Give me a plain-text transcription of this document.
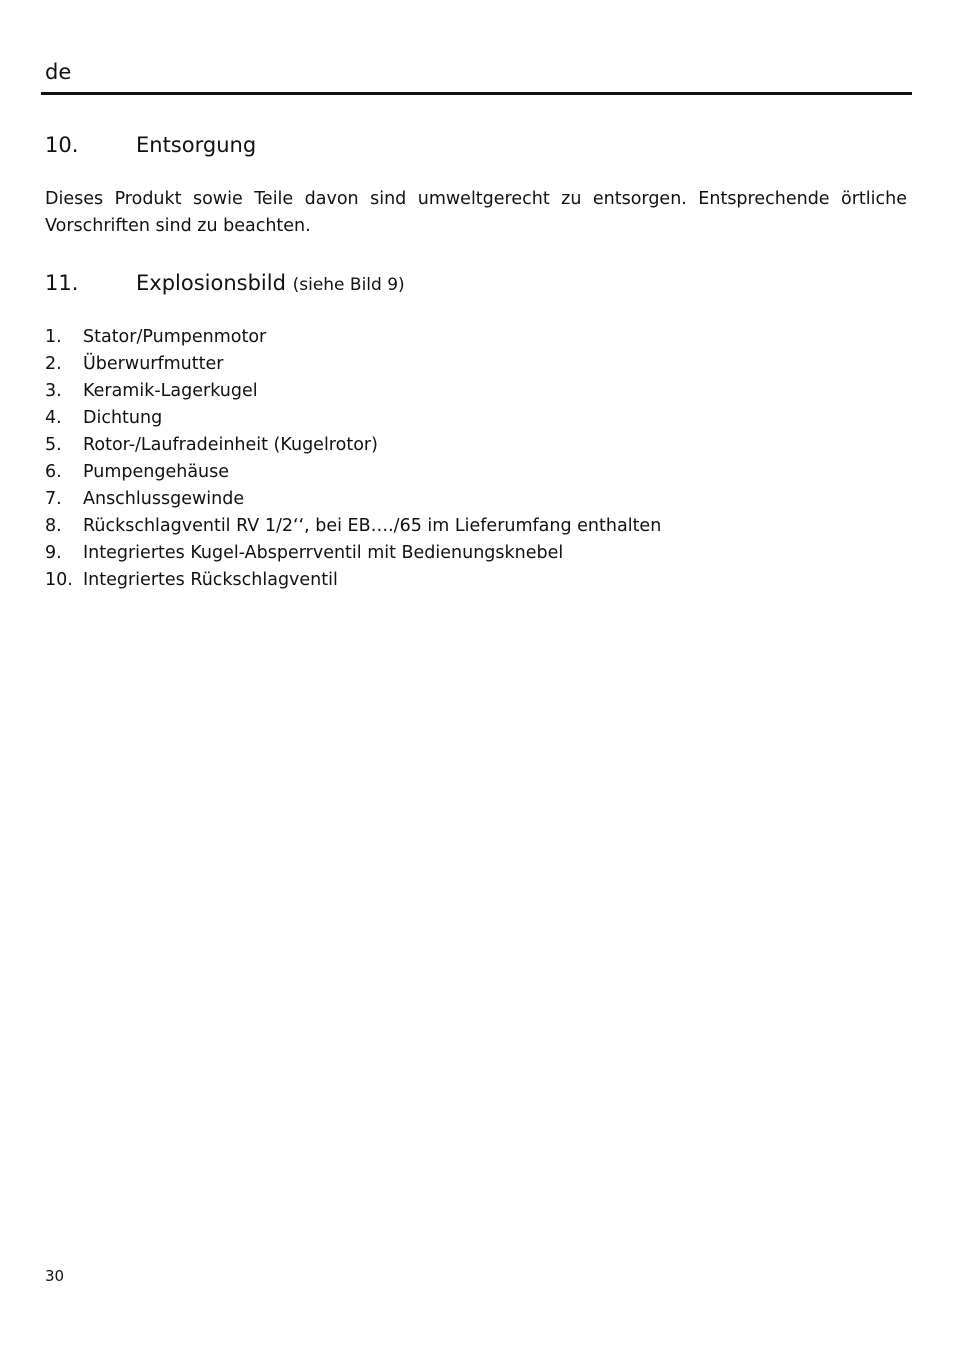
de
10.	Entsorgung

Dieses Produkt sowie Teile davon sind umweltgerecht zu entsorgen. Entsprechende örtliche Vorschriften sind zu beachten.

11.	Explosionsbild (siehe Bild 9)
1. Stator/Pumpenmotor
2. Überwurfmutter
3. Keramik-Lagerkugel
4. Dichtung
5. Rotor-/Laufradeinheit (Kugelrotor)
6. Pumpengehäuse
7. Anschlussgewinde
8. Rückschlagventil RV 1/2‘‘, bei EB…./65 im Lieferumfang enthalten
9. Integriertes Kugel-Absperrventil mit Bedienungsknebel
10. Integriertes Rückschlagventil
30
